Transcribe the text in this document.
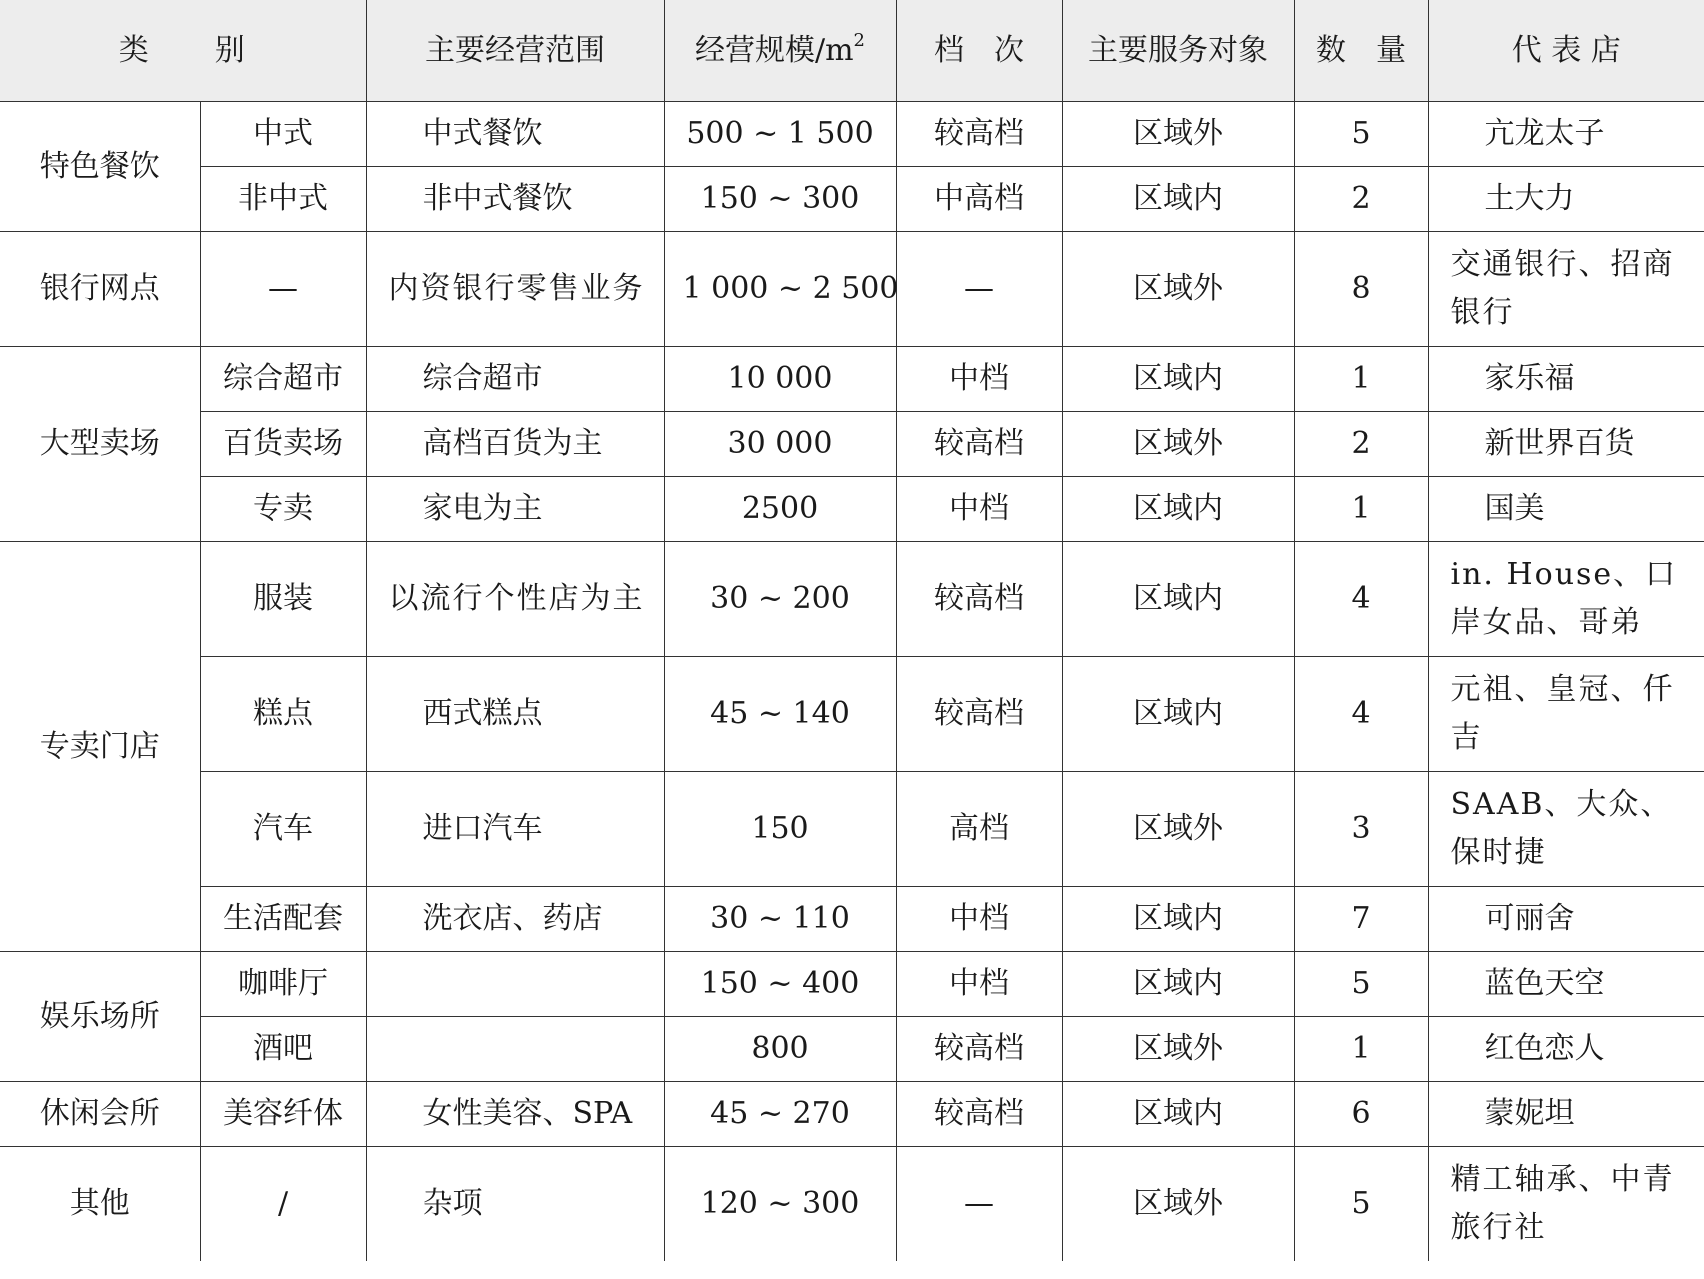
类　　别		主要经营范围	经营规模$/m^2$	档　次	主要服务对象	数　量	代 表 店
特色餐饮	中式	中式餐饮	500 ~ 1 500	较高档	区域外	5	亢龙太子
	非中式	非中式餐饮	150 ~ 300	中高档	区域内	2	土大力
银行网点	—	内资银行零售业务	1 000 ~ 2 500	—	区域外	8	交通银行、招商银行
大型卖场	综合超市	综合超市	10 000	中档	区域内	1	家乐福
	百货卖场	高档百货为主	30 000	较高档	区域外	2	新世界百货
	专卖	家电为主	2500	中档	区域内	1	国美
专卖门店	服装	以流行个性店为主	30 ~ 200	较高档	区域内	4	in. House、口岸女品、哥弟
	糕点	西式糕点	45 ~ 140	较高档	区域内	4	元祖、皇冠、仟吉
	汽车	进口汽车	150	高档	区域外	3	SAAB、大众、保时捷
	生活配套	洗衣店、药店	30 ~ 110	中档	区域内	7	可丽舍
娱乐场所	咖啡厅		150 ~ 400	中档	区域内	5	蓝色天空
	酒吧		800	较高档	区域外	1	红色恋人
休闲会所	美容纤体	女性美容、SPA	45 ~ 270	较高档	区域内	6	蒙妮坦
其他	/	杂项	120 ~ 300	—	区域外	5	精工轴承、中青旅行社
